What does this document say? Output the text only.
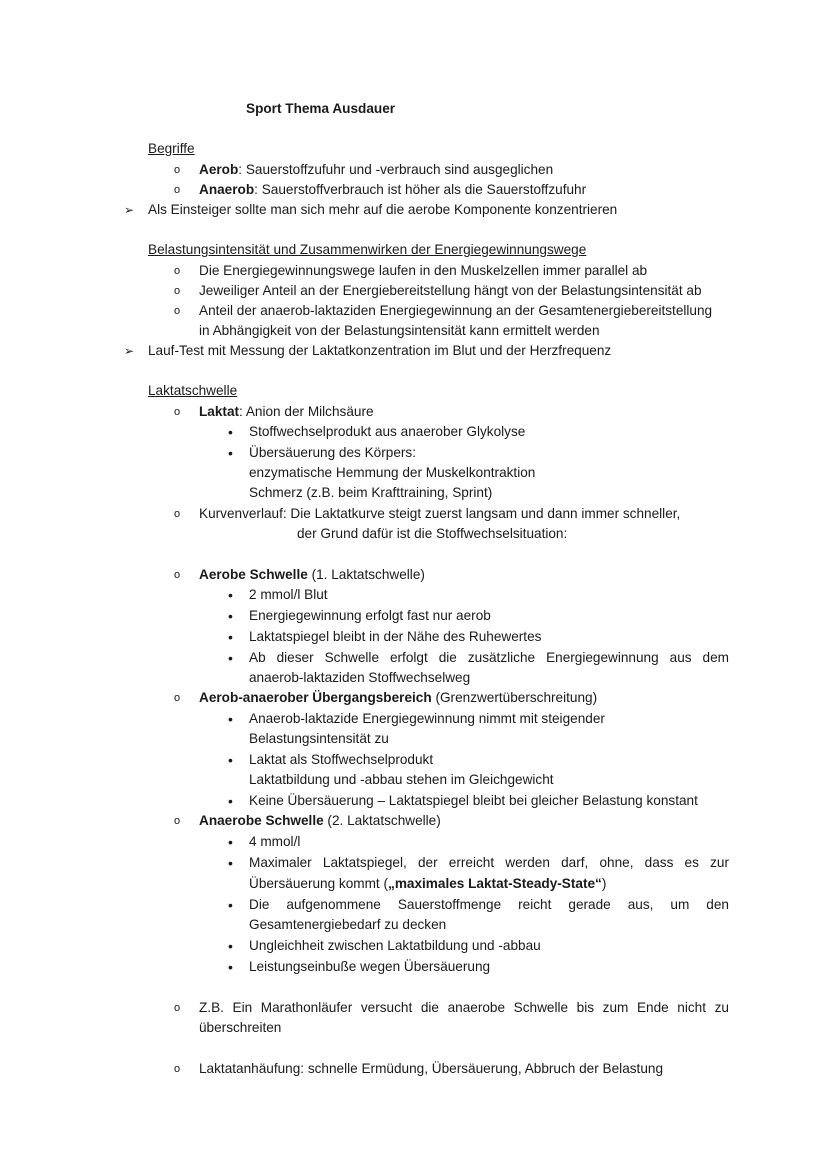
Sport Thema Ausdauer
Begriffe
o Aerob: Sauerstoffzufuhr und -verbrauch sind ausgeglichen
o Anaerob: Sauerstoffverbrauch ist höher als die Sauerstoffzufuhr
➢ Als Einsteiger sollte man sich mehr auf die aerobe Komponente konzentrieren
Belastungsintensität und Zusammenwirken der Energiegewinnungswege
o Die Energiegewinnungswege laufen in den Muskelzellen immer parallel ab
o Jeweiliger Anteil an der Energiebereitstellung hängt von der Belastungsintensität ab
o Anteil der anaerob-laktaziden Energiegewinnung an der Gesamtenergiebereitstellung
in Abhängigkeit von der Belastungsintensität kann ermittelt werden
➢ Lauf-Test mit Messung der Laktatkonzentration im Blut und der Herzfrequenz
Laktatschwelle
o Laktat: Anion der Milchsäure
• Stoffwechselprodukt aus anaerober Glykolyse
• Übersäuerung des Körpers:
enzymatische Hemmung der Muskelkontraktion
Schmerz (z.B. beim Krafttraining, Sprint)
o Kurvenverlauf: Die Laktatkurve steigt zuerst langsam und dann immer schneller,
der Grund dafür ist die Stoffwechselsituation:
o Aerobe Schwelle (1. Laktatschwelle)
• 2 mmol/l Blut
• Energiegewinnung erfolgt fast nur aerob
• Laktatspiegel bleibt in der Nähe des Ruhewertes
• Ab dieser Schwelle erfolgt die zusätzliche Energiegewinnung aus dem
anaerob-laktaziden Stoffwechselweg
o Aerob-anaerober Übergangsbereich (Grenzwertüberschreitung)
• Anaerob-laktazide Energiegewinnung nimmt mit steigender
Belastungsintensität zu
• Laktat als Stoffwechselprodukt
Laktatbildung und -abbau stehen im Gleichgewicht
• Keine Übersäuerung – Laktatspiegel bleibt bei gleicher Belastung konstant
o Anaerobe Schwelle (2. Laktatschwelle)
• 4 mmol/l
• Maximaler Laktatspiegel, der erreicht werden darf, ohne, dass es zur
Übersäuerung kommt („maximales Laktat-Steady-State“)
• Die aufgenommene Sauerstoffmenge reicht gerade aus, um den
Gesamtenergiebedarf zu decken
• Ungleichheit zwischen Laktatbildung und -abbau
• Leistungseinbuße wegen Übersäuerung
o Z.B. Ein Marathonläufer versucht die anaerobe Schwelle bis zum Ende nicht zu
überschreiten
o Laktatanhäufung: schnelle Ermüdung, Übersäuerung, Abbruch der Belastung
